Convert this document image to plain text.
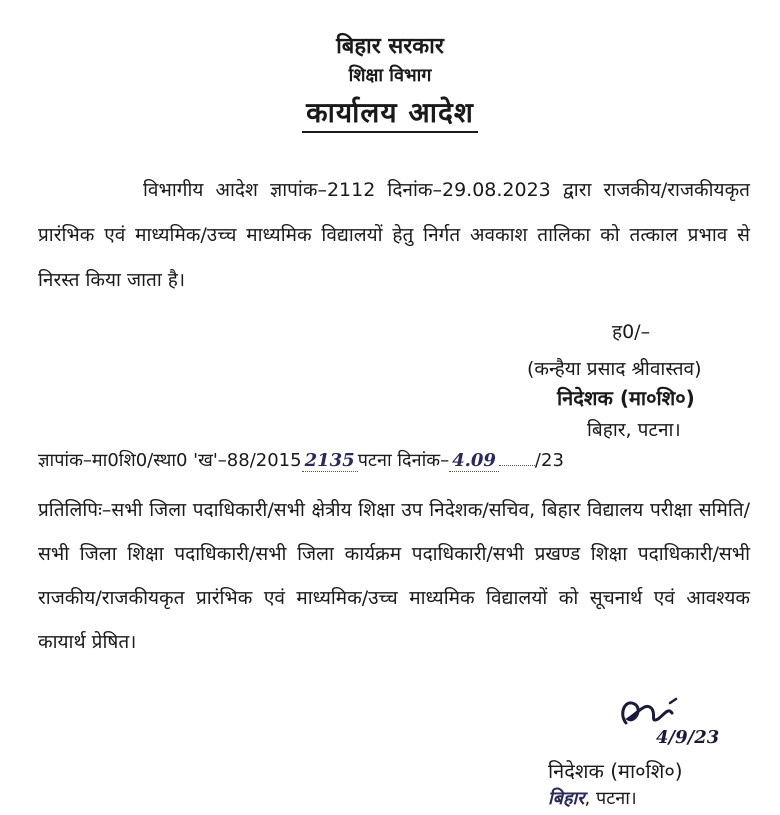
बिहार सरकार
शिक्षा विभाग
कार्यालय आदेश
विभागीय आदेश ज्ञापांक–2112 दिनांक–29.08.2023 द्वारा राजकीय/राजकीयकृत प्रारंभिक एवं माध्यमिक/उच्च माध्यमिक विद्यालयों हेतु निर्गत अवकाश तालिका को तत्काल प्रभाव से निरस्त किया जाता है।
ह0/–
(कन्हैया प्रसाद श्रीवास्तव)
निदेशक (मा०शि०)
बिहार, पटना।
ज्ञापांक–मा0शि0/स्था0 'ख'–88/2015 2135 पटना दिनांक– 4.09 /23
प्रतिलिपिः–सभी जिला पदाधिकारी/सभी क्षेत्रीय शिक्षा उप निदेशक/सचिव, बिहार विद्यालय परीक्षा समिति/सभी जिला शिक्षा पदाधिकारी/सभी जिला कार्यक्रम पदाधिकारी/सभी प्रखण्ड शिक्षा पदाधिकारी/सभी राजकीय/राजकीयकृत प्रारंभिक एवं माध्यमिक/उच्च माध्यमिक विद्यालयों को सूचनार्थ एवं आवश्यक कायार्थ प्रेषित।
4/9/23
निदेशक (मा०शि०)
बिहार, पटना।
